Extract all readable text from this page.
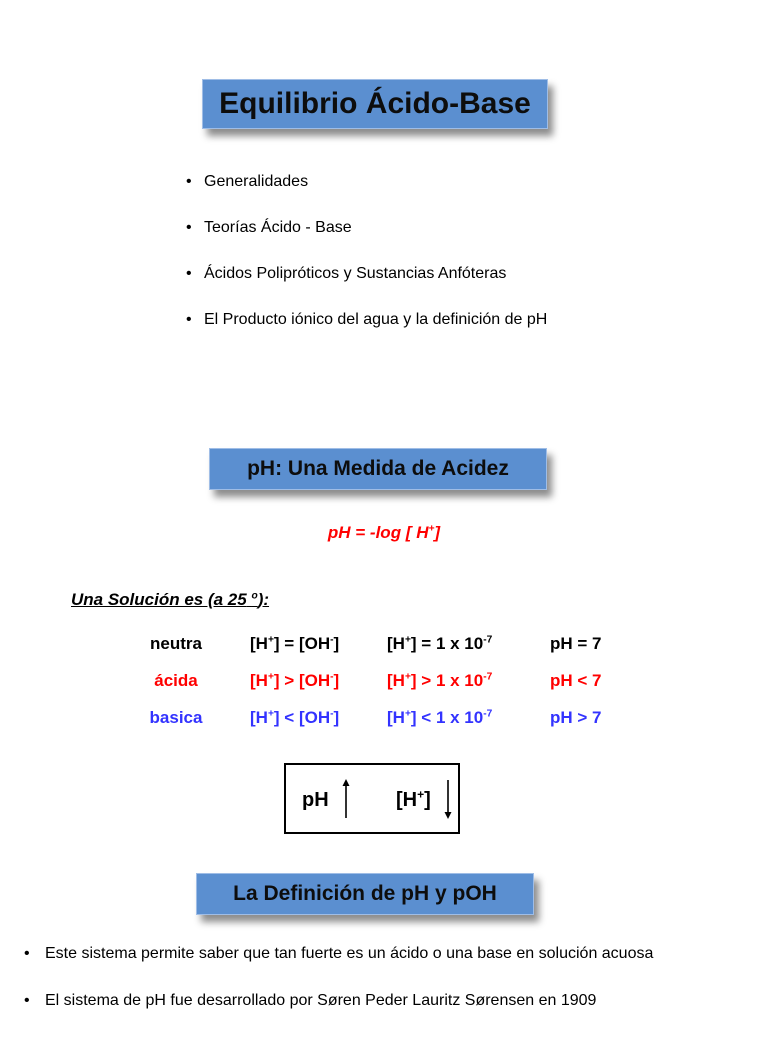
Equilibrio Ácido-Base
• Generalidades
• Teorías Ácido - Base
• Ácidos Polipróticos y Sustancias Anfóteras
• El Producto iónico del agua y la definición de pH
pH: Una Medida de Acidez
pH = -log [ H+]
Una Solución es (a 25 $^o$):
neutra	[H+] = [OH-]	[H+] = 1 x $10^{-7}$	pH = 7
ácida	[H+] > [OH-]	[H+] > 1 x $10^{-7}$	pH < 7
basica	[H+] < [OH-]	[H+] < 1 x $10^{-7}$	pH > 7
pH	[H+]
La Definición de pH y pOH
• Este sistema permite saber que tan fuerte es un ácido o una base en solución acuosa
• El sistema de pH fue desarrollado por Søren Peder Lauritz Sørensen en 1909
